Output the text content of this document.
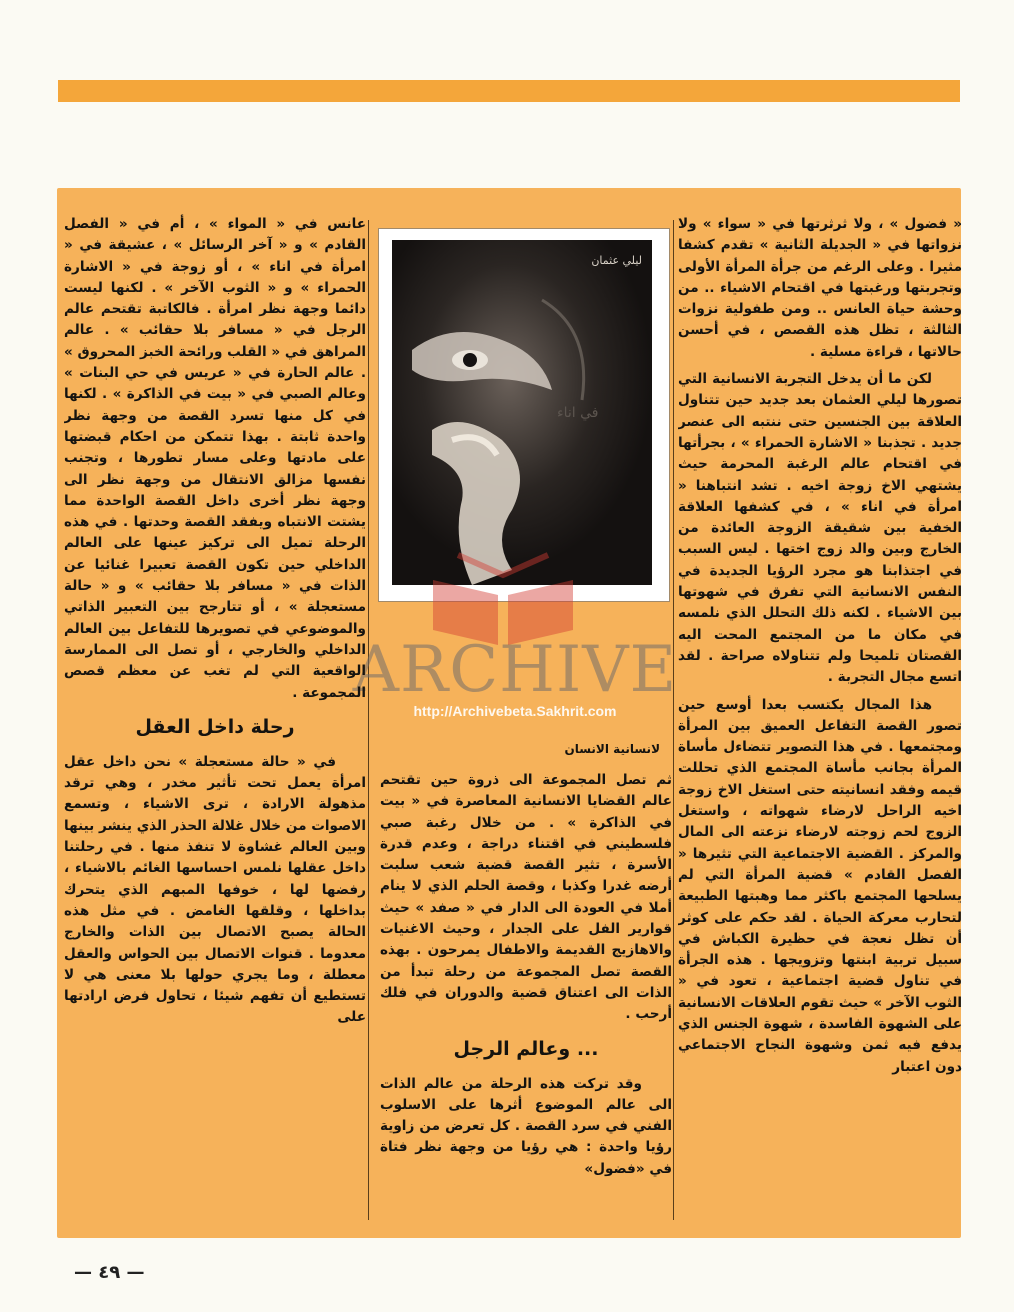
« فضول » ، ولا ثرثرتها في « سواء » ولا نزواتها في « الجديلة الثانية » تقدم كشفا مثيرا . وعلى الرغم من جرأة المرأة الأولى وتجربتها ورغبتها في اقتحام الاشياء .. من وحشة حياة العانس .. ومن طفولية نزوات الثالثة ، تظل هذه القصص ، في أحسن حالاتها ، قراءة مسلية .

لكن ما أن يدخل التجربة الانسانية التي تصورها ليلي العثمان بعد جديد حين تتناول العلاقة بين الجنسين حتى ننتبه الى عنصر جديد . تجذبنا « الاشارة الحمراء » ، بجرأتها في اقتحام عالم الرغبة المحرمة حيث يشتهي الاخ زوجة اخيه . تشد انتباهنا « امرأة في اناء » ، في كشفها العلاقة الخفية بين شقيقة الزوجة العائدة من الخارج وبين والد زوج اختها . ليس السبب في اجتذابنا هو مجرد الرؤيا الجديدة في النفس الانسانية التي تفرق في شهوتها بين الاشياء . لكنه ذلك التحلل الذي نلمسه في مكان ما من المجتمع المحت اليه القصتان تلميحا ولم تتناولاه صراحة . لقد اتسع مجال التجربة .

هذا المجال يكتسب بعدا أوسع حين تصور القصة التفاعل العميق بين المرأة ومجتمعها . في هذا التصوير تتضاءل مأساة المرأة بجانب مأساة المجتمع الذي تحللت قيمه وفقد انسانيته حتى استغل الاخ زوجة اخيه الراحل لارضاء شهواته ، واستغل الزوج لحم زوجته لارضاء نزعته الى المال والمركز . القضية الاجتماعية التي تثيرها « الفصل القادم » قضية المرأة التي لم يسلحها المجتمع باكثر مما وهبتها الطبيعة لتحارب معركة الحياة . لقد حكم على كوثر أن تظل نعجة في حظيرة الكباش في سبيل تربية ابنتها وتزويجها . هذه الجرأة في تناول قضية اجتماعية ، تعود في « الثوب الآخر » حيث تقوم العلاقات الانسانية على الشهوة الفاسدة ، شهوة الجنس الذي يدفع فيه ثمن وشهوة النجاح الاجتماعي دون اعتبار

ليلي عثمان
في اناء
ARCHIVE
http://Archivebeta.Sakhrit.com
لانسانية الانسان

ثم تصل المجموعة الى ذروة حين تقتحم عالم القضايا الانسانية المعاصرة في « بيت في الذاكرة » . من خلال رغبة صبي فلسطيني في اقتناء دراجة ، وعدم قدرة الأسرة ، تثير القصة قضية شعب سلبت أرضه غدرا وكذبا ، وقصة الحلم الذي لا ينام أملا في العودة الى الدار في « صفد » حيث قوارير الفل على الجدار ، وحيث الاغنيات والاهازيج القديمة والاطفال يمرحون . بهذه القصة تصل المجموعة من رحلة تبدأ من الذات الى اعتناق قضية والدوران في فلك أرحب .

... وعالم الرجل

وقد تركت هذه الرحلة من عالم الذات الى عالم الموضوع أثرها على الاسلوب الفني في سرد القصة . كل تعرض من زاوية رؤيا واحدة : هي رؤيا من وجهة نظر فتاة في «فضول»

عانس في « المواء » ، أم في « الفصل القادم » و « آخر الرسائل » ، عشيقة في « امرأة في اناء » ، أو زوجة في « الاشارة الحمراء » و « الثوب الآخر » . لكنها ليست دائما وجهة نظر امرأة . فالكاتبة تقتحم عالم الرجل في « مسافر بلا حقائب » . عالم المراهق في « القلب ورائحة الخبز المحروق » . عالم الحارة في « عريس في حي البنات » وعالم الصبي في « بيت في الذاكرة » . لكنها في كل منها تسرد القصة من وجهة نظر واحدة ثابتة . بهذا تتمكن من احكام قبضتها على مادتها وعلى مسار تطورها ، وتجنب نفسها مزالق الانتقال من وجهة نظر الى وجهة نظر أخرى داخل القصة الواحدة مما يشتت الانتباه ويفقد القصة وحدتها . في هذه الرحلة تميل الى تركيز عينها على العالم الداخلي حين تكون القصة تعبيرا غنائيا عن الذات في « مسافر بلا حقائب » و « حالة مستعجلة » ، أو تتارجح بين التعبير الذاتي والموضوعي في تصويرها للتفاعل بين العالم الداخلي والخارجي ، أو تصل الى الممارسة الواقعية التي لم تغب عن معظم قصص المجموعة .

رحلة داخل العقل

في « حالة مستعجلة » نحن داخل عقل امرأة يعمل تحت تأثير مخدر ، وهي ترقد مذهولة الارادة ، ترى الاشياء ، وتسمع الاصوات من خلال غلالة الحذر الذي ينشر بينها وبين العالم غشاوة لا تنفذ منها . في رحلتنا داخل عقلها نلمس احساسها الغائم بالاشياء ، رفضها لها ، خوفها المبهم الذي يتحرك بداخلها ، وقلقها الغامض . في مثل هذه الحالة يصبح الاتصال بين الذات والخارج معدوما . قنوات الاتصال بين الحواس والعقل معطلة ، وما يجري حولها بلا معنى هي لا تستطيع أن تفهم شيئا ، تحاول فرض ارادتها على

— ٤٩ —
